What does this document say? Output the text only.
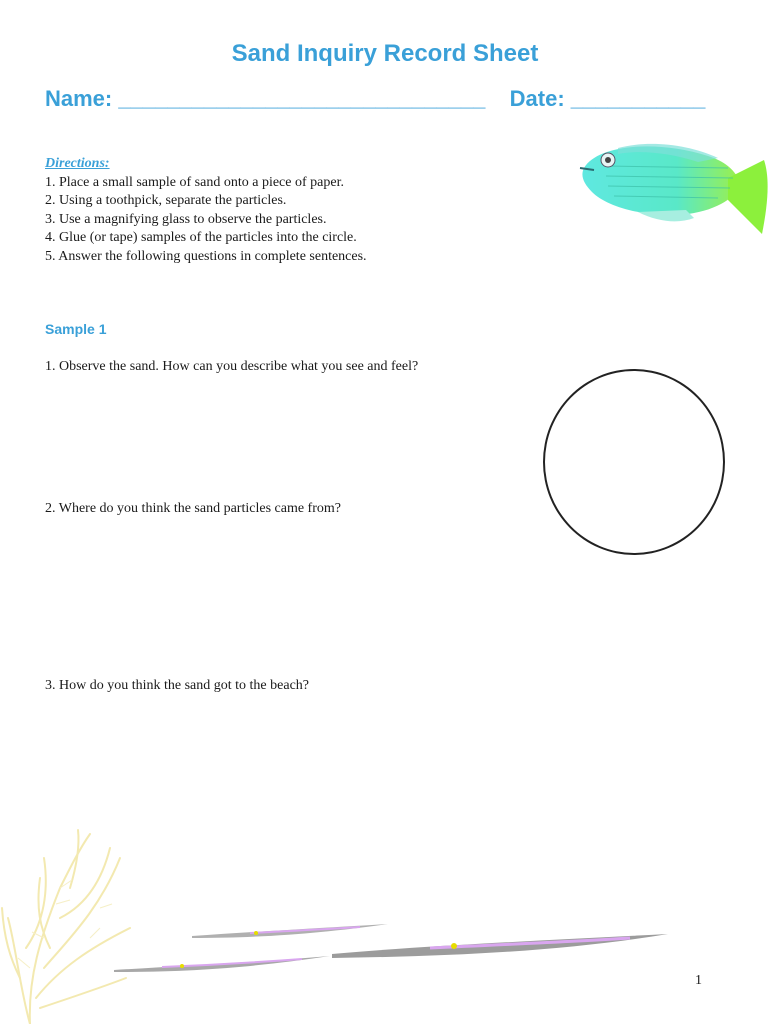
Sand Inquiry Record Sheet
Name: ______________________________ Date: ___________
Directions:
1. Place a small sample of sand onto a piece of paper.
2. Using a toothpick, separate the particles.
3. Use a magnifying glass to observe the particles.
4. Glue (or tape) samples of the particles into the circle.
5. Answer the following questions in complete sentences.
Sample 1
1. Observe the sand. How can you describe what you see and feel?
2. Where do you think the sand particles came from?
3. How do you think the sand got to the beach?
1
